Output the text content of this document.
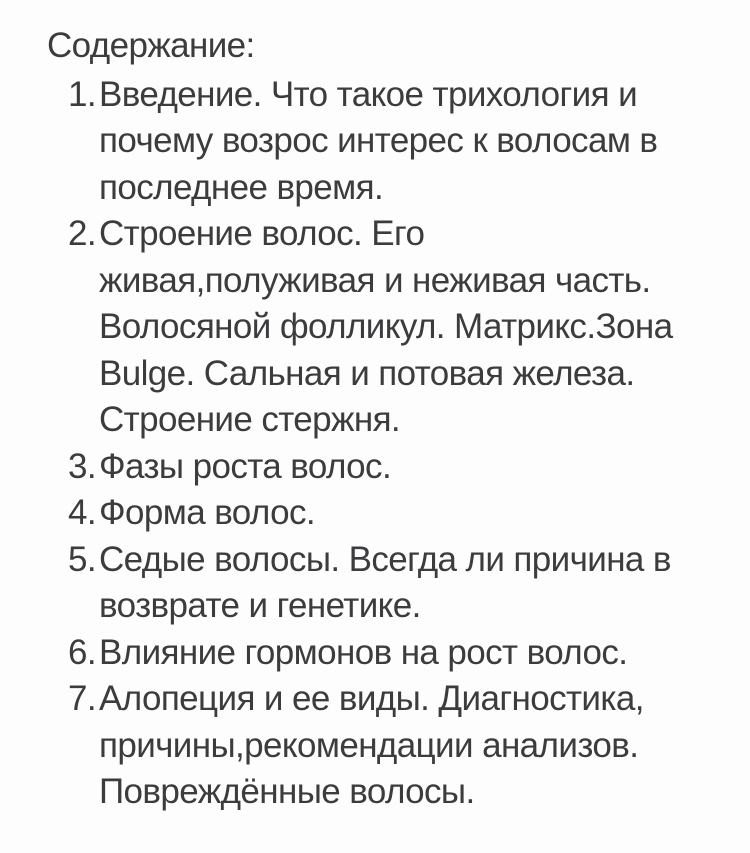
Содержание:
1. Введение. Что такое трихология и
почему возрос интерес к волосам в
последнее время.
2. Строение волос. Его
живая,полуживая и неживая часть.
Волосяной фолликул. Матрикс.Зона
Bulge. Сальная и потовая железа.
Строение стержня.
3. Фазы роста волос.
4. Форма волос.
5. Седые волосы. Всегда ли причина в
возврате и генетике.
6. Влияние гормонов на рост волос.
7. Алопеция и ее виды. Диагностика,
причины,рекомендации анализов.
Повреждённые волосы.
